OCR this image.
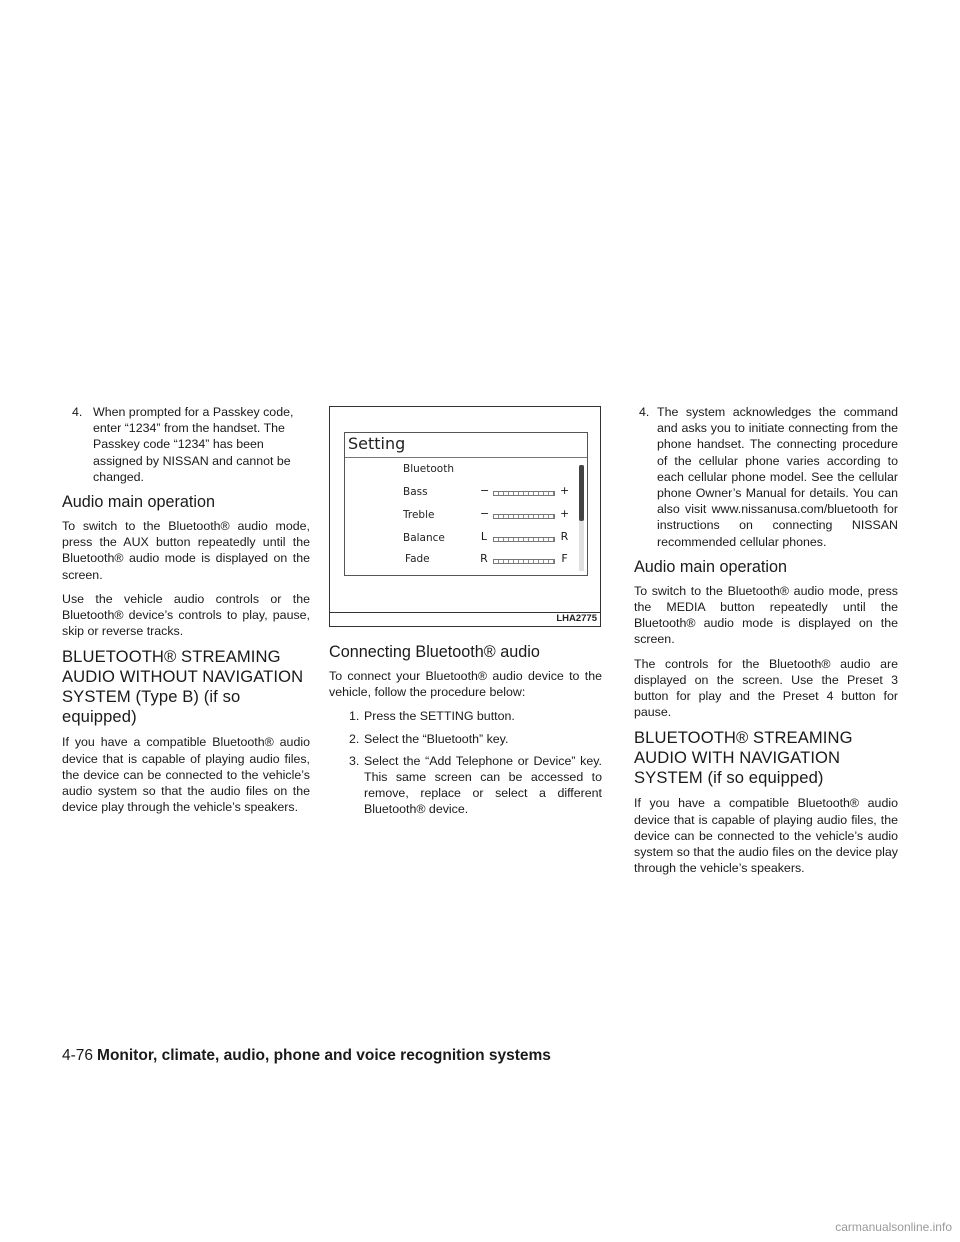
4. When prompted for a Passkey code, enter “1234” from the handset. The Passkey code “1234” has been assigned by NISSAN and cannot be changed.
Audio main operation

To switch to the Bluetooth® audio mode, press the AUX button repeatedly until the Bluetooth® audio mode is displayed on the screen.

Use the vehicle audio controls or the Bluetooth® device’s controls to play, pause, skip or reverse tracks.

BLUETOOTH® STREAMING AUDIO WITHOUT NAVIGATION SYSTEM (Type B) (if so equipped)

If you have a compatible Bluetooth® audio device that is capable of playing audio files, the device can be connected to the vehicle’s audio system so that the audio files on the device play through the vehicle’s speakers.

Setting
Bluetooth
Bass	−	+
Treble	−	+
Balance	L	R
Fade	R	F
LHA2775
Connecting Bluetooth® audio

To connect your Bluetooth® audio device to the vehicle, follow the procedure below:

1. Press the SETTING button.
2. Select the “Bluetooth” key.
3. Select the “Add Telephone or Device” key. This same screen can be accessed to remove, replace or select a different Bluetooth® device.
4. The system acknowledges the command and asks you to initiate connecting from the phone handset. The connecting procedure of the cellular phone varies according to each cellular phone model. See the cellular phone Owner’s Manual for details. You can also visit www.nissanusa.com/bluetooth for instructions on connecting NISSAN recommended cellular phones.
Audio main operation

To switch to the Bluetooth® audio mode, press the MEDIA button repeatedly until the Bluetooth® audio mode is displayed on the screen.

The controls for the Bluetooth® audio are displayed on the screen. Use the Preset 3 button for play and the Preset 4 button for pause.

BLUETOOTH® STREAMING AUDIO WITH NAVIGATION SYSTEM (if so equipped)

If you have a compatible Bluetooth® audio device that is capable of playing audio files, the device can be connected to the vehicle’s audio system so that the audio files on the device play through the vehicle’s speakers.

4-76 Monitor, climate, audio, phone and voice recognition systems
carmanualsonline.info
